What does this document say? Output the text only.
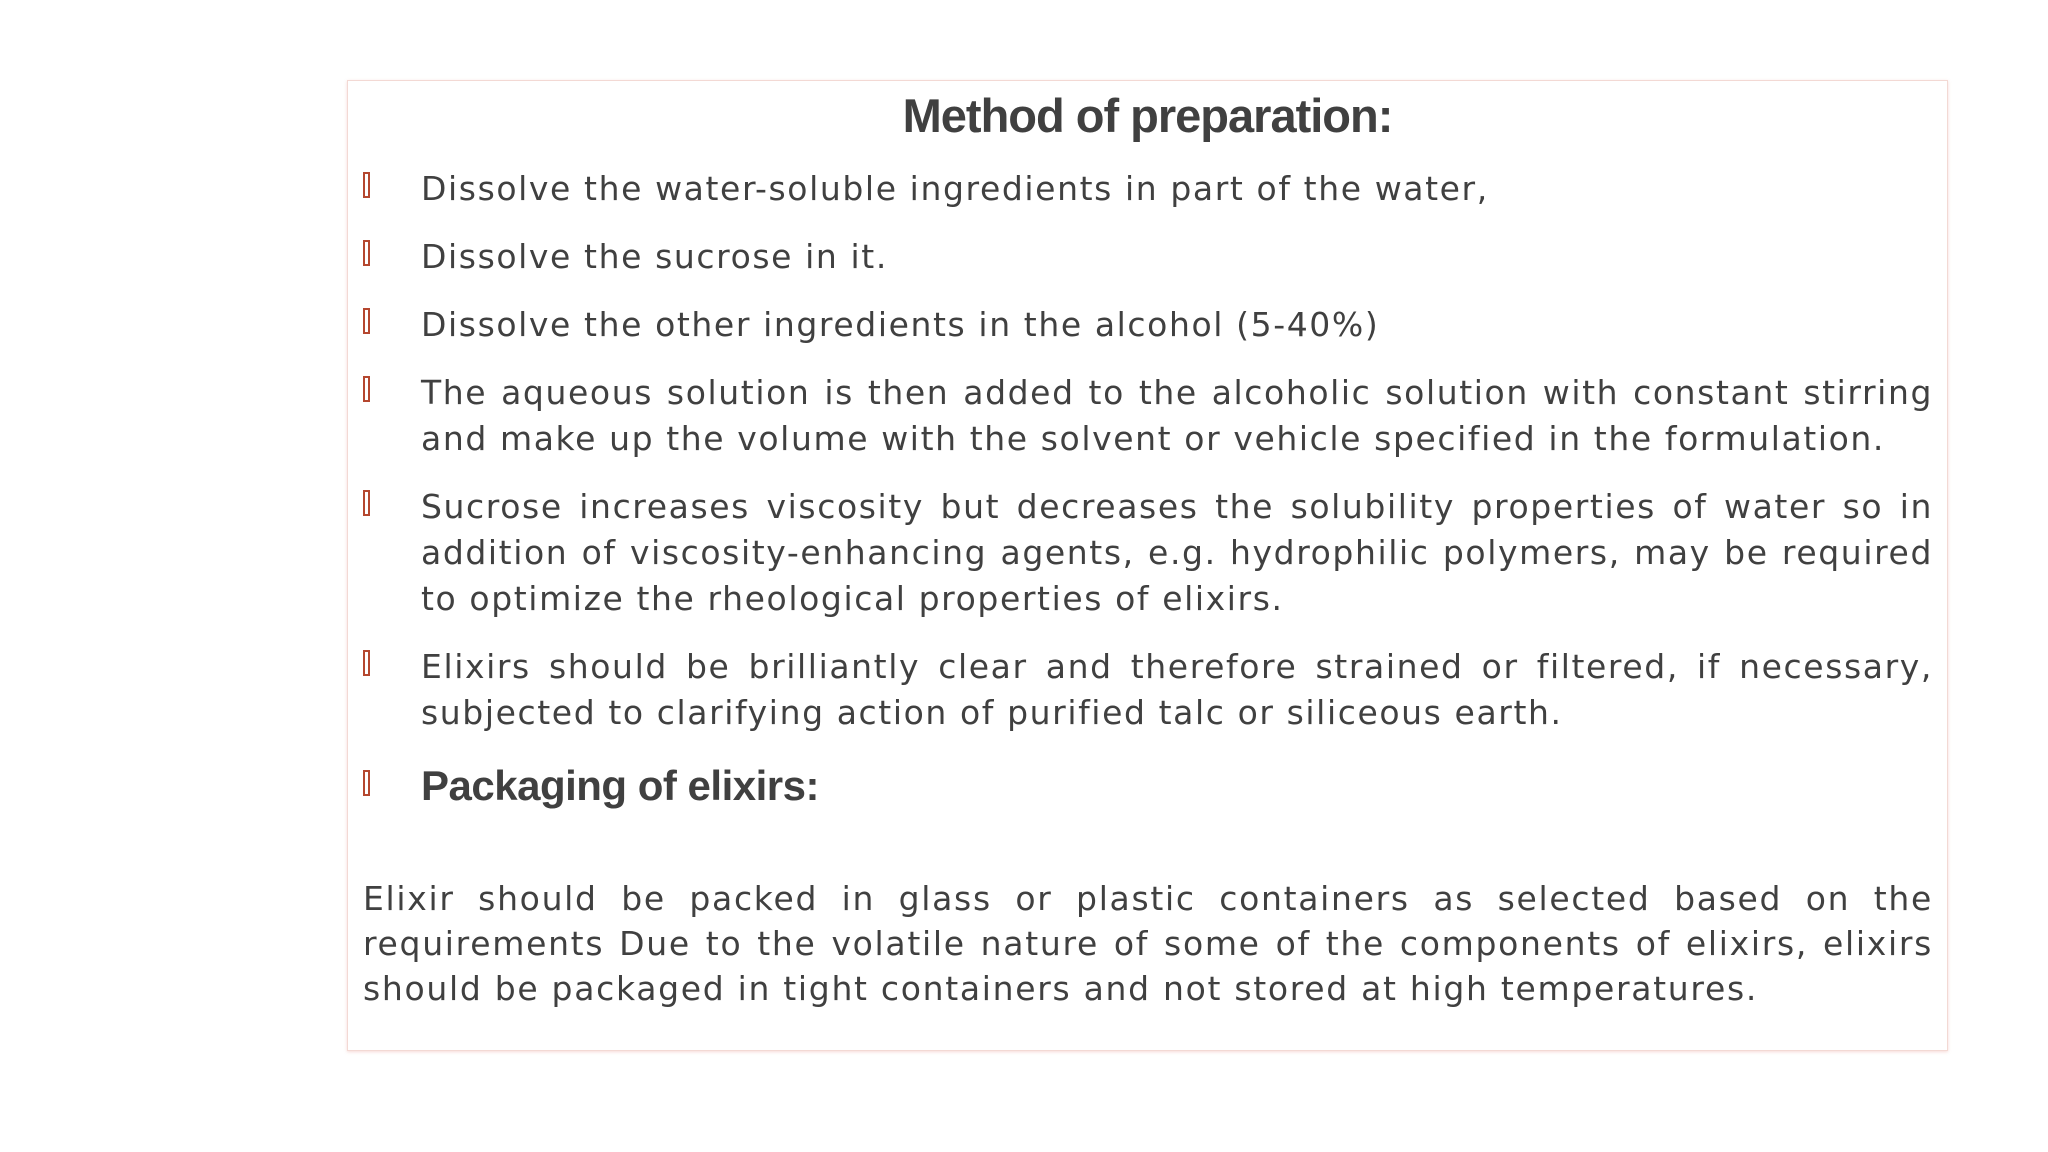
Method of preparation:
Dissolve the water-soluble ingredients in part of the water,
Dissolve the sucrose in it.
Dissolve the other ingredients in the alcohol (5-40%)
The aqueous solution is then added to the alcoholic solution with constant stirring and make up the volume with the solvent or vehicle specified in the formulation.
Sucrose increases viscosity but decreases the solubility properties of water so in addition of viscosity-enhancing agents, e.g. hydrophilic polymers, may be required to optimize the rheological properties of elixirs.
Elixirs should be brilliantly clear and therefore strained or filtered, if necessary, subjected to clarifying action of purified talc or siliceous earth.
Packaging of elixirs:

Elixir should be packed in glass or plastic containers as selected based on the requirements Due to the volatile nature of some of the components of elixirs, elixirs should be packaged in tight containers and not stored at high temperatures.
